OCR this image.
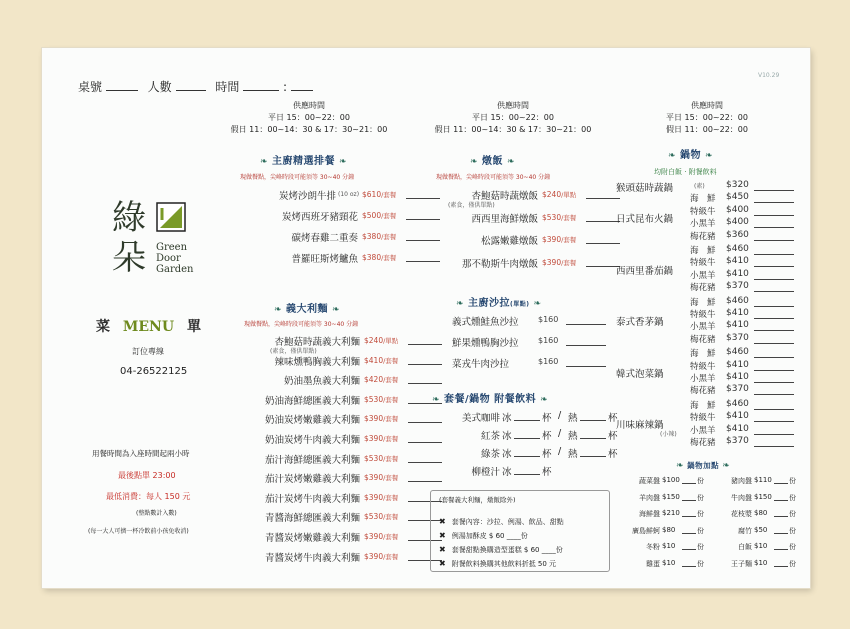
桌號	人數	時間	:
V10.29
供應時間
平日 15：00~22：00
假日 11：00~14：30 & 17：30~21：00
供應時間
平日 15：00~22：00
假日 11：00~14：30 & 17：30~21：00
供應時間
平日 15：00~22：00
假日 11：00~22：00
綠朵 Green
Door
Garden
菜 MENU 單
訂位專線
04-26522125
用餐時間為入座時間起兩小時
最後點單 23:00
最低消費：每人 150 元
(整點數計入數)
(每一大人可擠一杯冷飲前小孩免收消)
❧ 主廚精選排餐 ❧
現做餐點，尖峰時段可能須等 30~40 分鐘
炭烤沙朗牛排 (10 oz) $610/套餐
炭烤西班牙豬頸花 $500/套餐
碳烤春雞二重奏 $380/套餐
普羅旺斯烤鱸魚 $380/套餐
❧ 義大利麵 ❧
現做餐點，尖峰時段可能須等 30~40 分鐘
杏鮑菇時蔬義大利麵
(素食，僅供單點)
$240/單點
辣味燻鴨胸義大利麵 $410/套餐
奶油墨魚義大利麵 $420/套餐
奶油海鮮總匯義大利麵 $530/套餐
奶油炭烤嫩雞義大利麵 $390/套餐
奶油炭烤牛肉義大利麵 $390/套餐
茄汁海鮮總匯義大利麵 $530/套餐
茄汁炭烤嫩雞義大利麵 $390/套餐
茄汁炭烤牛肉義大利麵 $390/套餐
青醬海鮮總匯義大利麵 $530/套餐
青醬炭烤嫩雞義大利麵 $390/套餐
青醬炭烤牛肉義大利麵 $390/套餐
❧ 燉飯 ❧
現做餐點，尖峰時段可能須等 30~40 分鐘
杏鮑菇時蔬燉飯
(素食，僅供單點)
$240/單點
西西里海鮮燉飯 $530/套餐
松露嫩雞燉飯 $390/套餐
那不勒斯牛肉燉飯 $390/套餐
❧ 主廚沙拉(單點) ❧
義式燻鮭魚沙拉 $160
鮮果燻鴨胸沙拉 $160
菜戎牛肉沙拉	$160
❧ 套餐/鍋物 附餐飲料 ❧
美式咖啡 冰	杯 / 熱	杯
紅茶 冰	杯 / 熱	杯
綠茶 冰	杯 / 熱	杯
柳橙汁 冰	杯
(套餐義大利麵，燉飯除外)
✖ 套餐內容：沙拉、例湯、飲品、甜點
✖ 例湯加酥皮 $ 60 ____份
✖ 套餐甜點換購造型蛋糕 $ 60 ____份
✖ 附餐飲料換購其他飲料折抵 50 元
❧ 鍋物 ❧
均附白飯 ‧ 附餐飲料
猴頭菇時蔬鍋	(素) $320
日式昆布火鍋
海　鮮 $450
特級牛 $400
小黑羊 $400
梅花豬 $360
西西里番茄鍋
海　鮮 $460
特級牛 $410
小黑羊 $410
梅花豬 $370
泰式香茅鍋
海　鮮 $460
特級牛 $410
小黑羊 $410
梅花豬 $370
韓式泡菜鍋
海　鮮 $460
特級牛 $410
小黑羊 $410
梅花豬 $370
川味麻辣鍋
(小辣)
海　鮮 $460
特級牛 $410
小黑羊 $410
梅花豬 $370
❧ 鍋物加點 ❧
蔬菜盤 $100 份
羊肉盤 $150 份
海鮮盤 $210 份
廣島鮮蚵 $80	份
冬粉 $10	份
雞蛋 $10	份
豬肉盤 $110 份
牛肉盤 $150 份
花枝漿 $80	份
腐竹 $50	份
白飯 $10	份
王子麵 $10	份
